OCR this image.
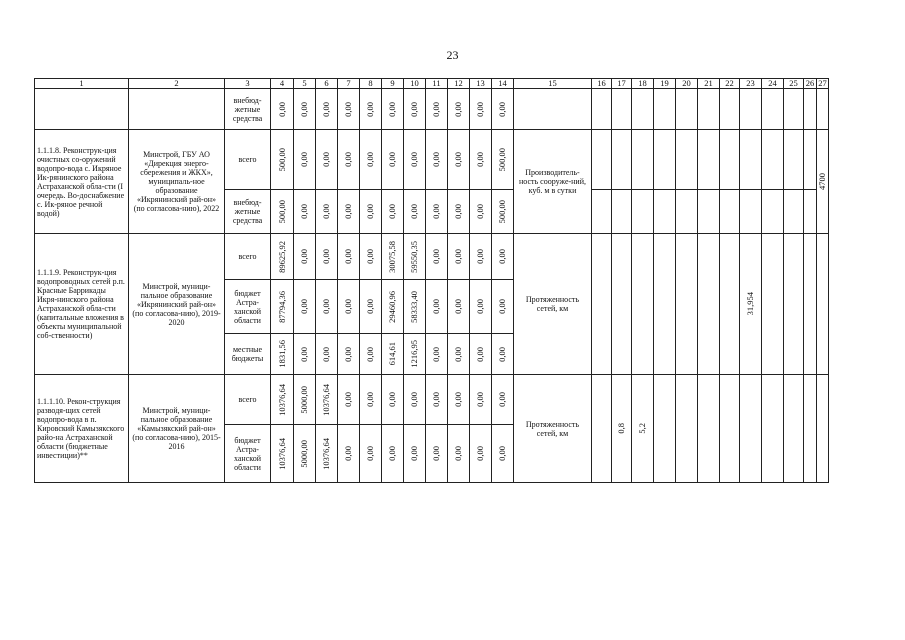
23
1	2	3	4	5	6	7	8	9	10	11	12	13	14	15	16	17	18	19	20	21	22	23	24	25	26	27
		внебюд-жетные средства	0,00	0,00	0,00	0,00	0,00	0,00	0,00	0,00	0,00	0,00	0,00													

1.1.1.8. Реконструк-ция очистных со-оружений водопро-вода с. Икряное Ик-рянинского района Астраханской обла-сти (I очередь. Во-доснабжение с. Ик-ряное речной водой)	Минстрой, ГБУ АО «Дирекция энерго-сбережения и ЖКХ», муниципаль-ное образование «Икрянинский рай-он» (по согласова-нию), 2022	всего	500,00	0,00	0,00	0,00	0,00	0,00	0,00	0,00	0,00	0,00	500,00	Производитель-ность сооруже-ний, куб. м в сутки												4700

		внебюд-жетные средства	500,00	0,00	0,00	0,00	0,00	0,00	0,00	0,00	0,00	0,00	500,00													

1.1.1.9. Реконструк-ция водопроводных сетей р.п. Красные Баррикады Икря-нинского района Астраханской обла-сти (капитальные вложения в объекты муниципальной соб-ственности)	Минстрой, муници-пальное образование «Икрянинский рай-он» (по согласова-нию), 2019-2020	всего	89625,92	0,00	0,00	0,00	0,00	30075,58	59550,35	0,00	0,00	0,00	0,00	Протяженность сетей, км								31,954				

		бюджет Астра-ханской области	87794,36	0,00	0,00	0,00	0,00	29460,96	58333,40	0,00	0,00	0,00	0,00													

		местные бюджеты	1831,56	0,00	0,00	0,00	0,00	614,61	1216,95	0,00	0,00	0,00	0,00													

1.1.1.10. Рекон-струкция разводя-щих сетей водопро-вода в п. Кировский Камызякского райо-на Астраханской области (бюджетные инвестиции)**	Минстрой, муници-пальное образование «Камызякский рай-он» (по согласова-нию), 2015-2016	всего	10376,64	5000,00	10376,64	0,00	0,00	0,00	0,00	0,00	0,00	0,00	0,00	Протяженность сетей, км		0,8	5,2									

		бюджет Астра-ханской области	10376,64	5000,00	10376,64	0,00	0,00	0,00	0,00	0,00	0,00	0,00	0,00													
